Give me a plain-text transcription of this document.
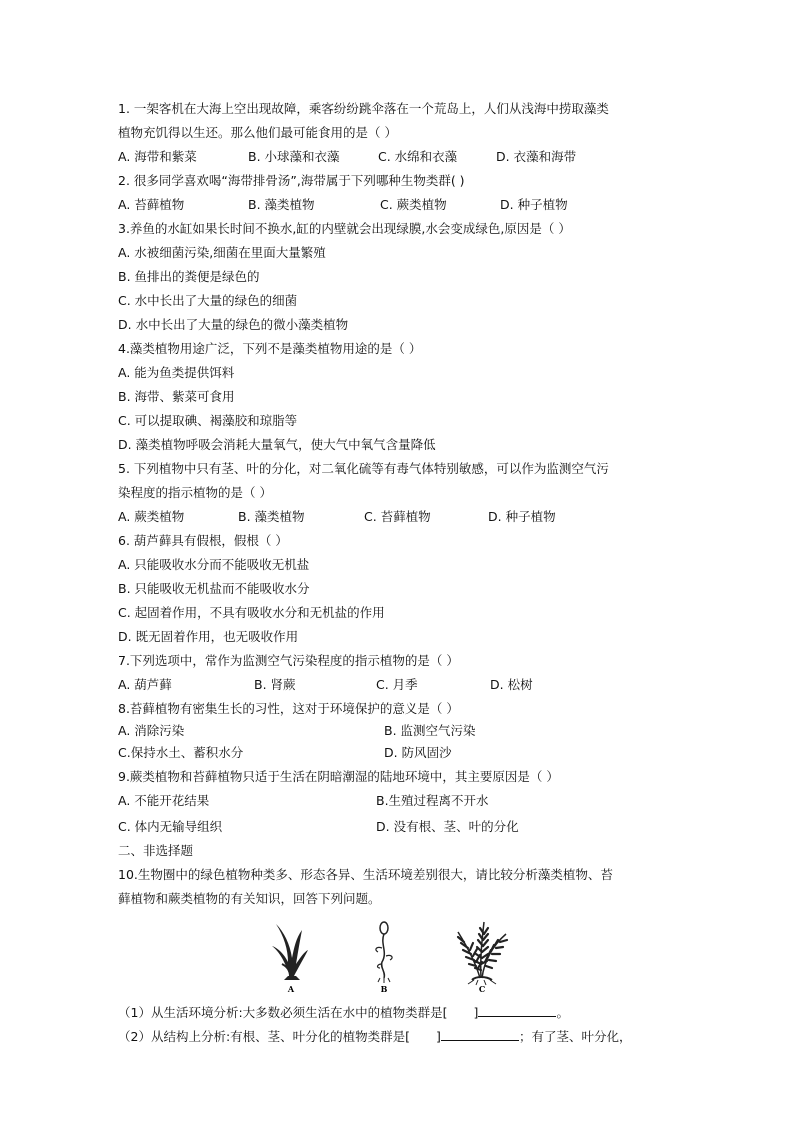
1. 一架客机在大海上空出现故障，乘客纷纷跳伞落在一个荒岛上，人们从浅海中捞取藻类
植物充饥得以生还。那么他们最可能食用的是（ ）
A. 海带和紫菜	B. 小球藻和衣藻	C. 水绵和衣藻	D. 衣藻和海带
2. 很多同学喜欢喝“海带排骨汤”,海带属于下列哪种生物类群( )
A. 苔藓植物	B. 藻类植物	C. 蕨类植物	D. 种子植物
3.养鱼的水缸如果长时间不换水,缸的内壁就会出现绿膜,水会变成绿色,原因是（ ）
A. 水被细菌污染,细菌在里面大量繁殖
B. 鱼排出的粪便是绿色的
C. 水中长出了大量的绿色的细菌
D. 水中长出了大量的绿色的微小藻类植物
4.藻类植物用途广泛，下列不是藻类植物用途的是（ ）
A. 能为鱼类提供饵料
B. 海带、紫菜可食用
C. 可以提取碘、褐藻胶和琼脂等
D. 藻类植物呼吸会消耗大量氧气，使大气中氧气含量降低
5. 下列植物中只有茎、叶的分化，对二氧化硫等有毒气体特别敏感，可以作为监测空气污
染程度的指示植物的是（ ）
A. 蕨类植物	B. 藻类植物	C. 苔藓植物	D. 种子植物
6. 葫芦藓具有假根，假根（ ）
A. 只能吸收水分而不能吸收无机盐
B. 只能吸收无机盐而不能吸收水分
C. 起固着作用，不具有吸收水分和无机盐的作用
D. 既无固着作用，也无吸收作用
7.下列选项中，常作为监测空气污染程度的指示植物的是（ ）
A. 葫芦藓	B. 肾蕨	C. 月季	D. 松树
8.苔藓植物有密集生长的习性，这对于环境保护的意义是（ ）
A. 消除污染	B. 监测空气污染
C.保持水土、蓄积水分	D. 防风固沙
9.蕨类植物和苔藓植物只适于生活在阴暗潮湿的陆地环境中，其主要原因是（ ）
A. 不能开花结果	B.生殖过程离不开水
C. 体内无输导组织	D. 没有根、茎、叶的分化
二、非选择题
10.生物圈中的绿色植物种类多、形态各异、生活环境差别很大，请比较分析藻类植物、苔
藓植物和蕨类植物的有关知识，回答下列问题。
A	B	C
（1）从生活环境分析:大多数必须生活在水中的植物类群是[ ]	。
（2）从结构上分析:有根、茎、叶分化的植物类群是[ ]	；有了茎、叶分化，
